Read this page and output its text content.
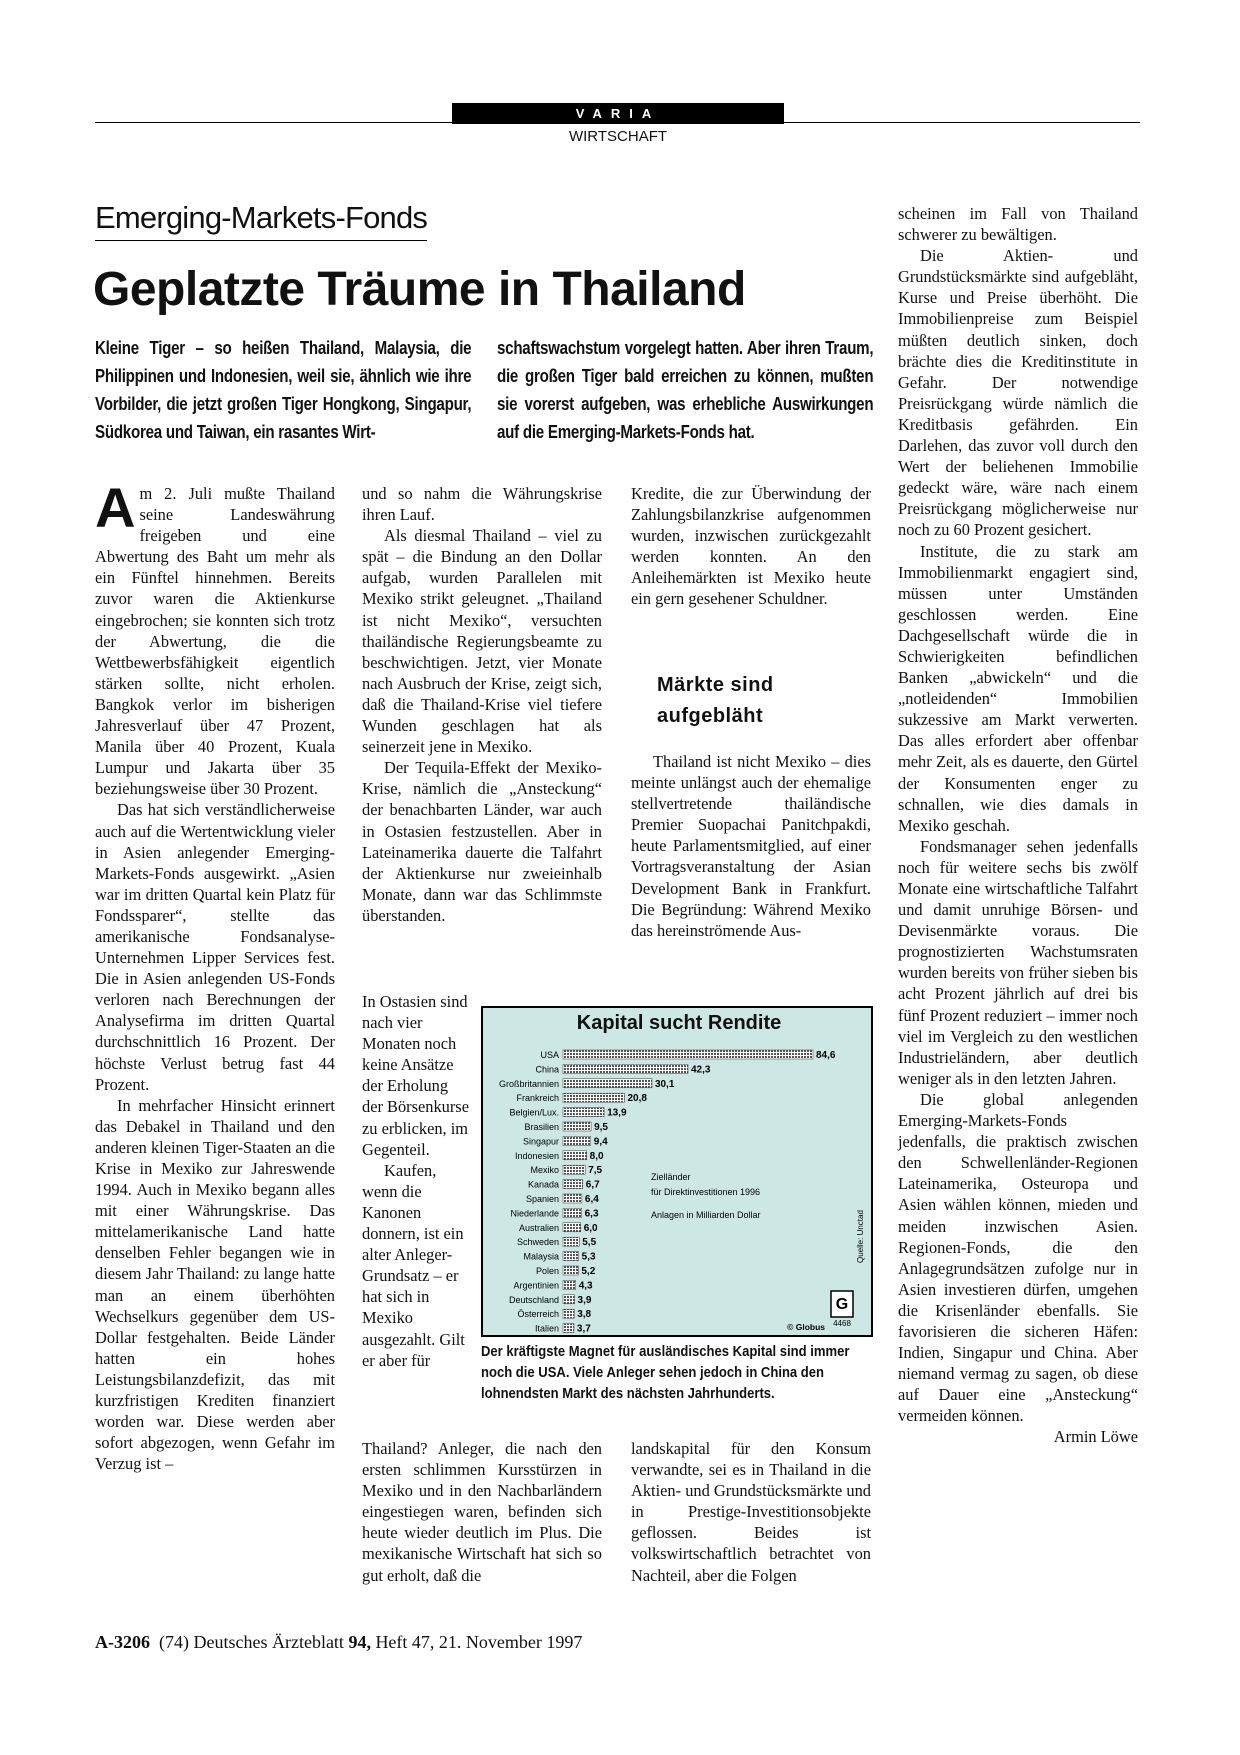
VARIA
WIRTSCHAFT
Emerging-Markets-Fonds
Geplatzte Träume in Thailand
Kleine Tiger – so heißen Thailand, Malaysia, die Philippinen und Indonesien, weil sie, ähnlich wie ihre Vorbilder, die jetzt großen Tiger Hongkong, Singapur, Südkorea und Taiwan, ein rasantes Wirt-
schaftswachstum vorgelegt hatten. Aber ihren Traum, die großen Tiger bald erreichen zu können, mußten sie vorerst aufgeben, was erhebliche Auswirkungen auf die Emerging-Markets-Fonds hat.

Am 2. Juli mußte Thailand seine Landeswährung freigeben und eine Abwertung des Baht um mehr als ein Fünftel hinnehmen. Bereits zuvor waren die Aktienkurse eingebrochen; sie konnten sich trotz der Abwertung, die die Wettbewerbsfähigkeit eigentlich stärken sollte, nicht erholen. Bangkok verlor im bisherigen Jahresverlauf über 47 Prozent, Manila über 40 Prozent, Kuala Lumpur und Jakarta über 35 beziehungsweise über 30 Prozent.

Das hat sich verständlicherweise auch auf die Wertentwicklung vieler in Asien anlegender Emerging-Markets-Fonds ausgewirkt. „Asien war im dritten Quartal kein Platz für Fondssparer“, stellte das amerikanische Fondsanalyse-Unternehmen Lipper Services fest. Die in Asien anlegenden US-Fonds verloren nach Berechnungen der Analysefirma im dritten Quartal durchschnittlich 16 Prozent. Der höchste Verlust betrug fast 44 Prozent.

In mehrfacher Hinsicht erinnert das Debakel in Thailand und den anderen kleinen Tiger-Staaten an die Krise in Mexiko zur Jahreswende 1994. Auch in Mexiko begann alles mit einer Währungskrise. Das mittelamerikanische Land hatte denselben Fehler begangen wie in diesem Jahr Thailand: zu lange hatte man an einem überhöhten Wechselkurs gegenüber dem US-Dollar festgehalten. Beide Länder hatten ein hohes Leistungsbilanzdefizit, das mit kurzfristigen Krediten finanziert worden war. Diese werden aber sofort abgezogen, wenn Gefahr im Verzug ist –

und so nahm die Währungskrise ihren Lauf.

Als diesmal Thailand – viel zu spät – die Bindung an den Dollar aufgab, wurden Parallelen mit Mexiko strikt geleugnet. „Thailand ist nicht Mexiko“, versuchten thailändische Regierungsbeamte zu beschwichtigen. Jetzt, vier Monate nach Ausbruch der Krise, zeigt sich, daß die Thailand-Krise viel tiefere Wunden geschlagen hat als seinerzeit jene in Mexiko.

Der Tequila-Effekt der Mexiko-Krise, nämlich die „Ansteckung“ der benachbarten Länder, war auch in Ostasien festzustellen. Aber in Lateinamerika dauerte die Talfahrt der Aktienkurse nur zweieinhalb Monate, dann war das Schlimmste überstanden.

In Ostasien sind nach vier Monaten noch keine Ansätze der Erholung der Börsenkurse zu erblicken, im Gegenteil.

Kaufen, wenn die Kanonen donnern, ist ein alter Anleger-Grundsatz – er hat sich in Mexiko ausgezahlt. Gilt er aber für

Thailand? Anleger, die nach den ersten schlimmen Kursstürzen in Mexiko und in den Nachbarländern eingestiegen waren, befinden sich heute wieder deutlich im Plus. Die mexikanische Wirtschaft hat sich so gut erholt, daß die

Kredite, die zur Überwindung der Zahlungsbilanzkrise aufgenommen wurden, inzwischen zurückgezahlt werden konnten. An den Anleihemärkten ist Mexiko heute ein gern gesehener Schuldner.

Märkte sind aufgebläht

Thailand ist nicht Mexiko – dies meinte unlängst auch der ehemalige stellvertretende thailändische Premier Suopachai Panitchpakdi, heute Parlamentsmitglied, auf einer Vortragsveranstaltung der Asian Development Bank in Frankfurt. Die Begründung: Während Mexiko das hereinströmende Aus-

landskapital für den Konsum verwandte, sei es in Thailand in die Aktien- und Grundstücksmärkte und in Prestige-Investitionsobjekte geflossen. Beides ist volkswirtschaftlich betrachtet von Nachteil, aber die Folgen

scheinen im Fall von Thailand schwerer zu bewältigen.

Die Aktien- und Grundstücksmärkte sind aufgebläht, Kurse und Preise überhöht. Die Immobilienpreise zum Beispiel müßten deutlich sinken, doch brächte dies die Kreditinstitute in Gefahr. Der notwendige Preisrückgang würde nämlich die Kreditbasis gefährden. Ein Darlehen, das zuvor voll durch den Wert der beliehenen Immobilie gedeckt wäre, wäre nach einem Preisrückgang möglicherweise nur noch zu 60 Prozent gesichert.

Institute, die zu stark am Immobilienmarkt engagiert sind, müssen unter Umständen geschlossen werden. Eine Dachgesellschaft würde die in Schwierigkeiten befindlichen Banken „abwickeln“ und die „notleidenden“ Immobilien sukzessive am Markt verwerten. Das alles erfordert aber offenbar mehr Zeit, als es dauerte, den Gürtel der Konsumenten enger zu schnallen, wie dies damals in Mexiko geschah.

Fondsmanager sehen jedenfalls noch für weitere sechs bis zwölf Monate eine wirtschaftliche Talfahrt und damit unruhige Börsen- und Devisenmärkte voraus. Die prognostizierten Wachstumsraten wurden bereits von früher sieben bis acht Prozent jährlich auf drei bis fünf Prozent reduziert – immer noch viel im Vergleich zu den westlichen Industrieländern, aber deutlich weniger als in den letzten Jahren.

Die global anlegenden Emerging-Markets-Fonds jedenfalls, die praktisch zwischen den Schwellenländer-Regionen Lateinamerika, Osteuropa und Asien wählen können, mieden und meiden inzwischen Asien. Regionen-Fonds, die den Anlagegrundsätzen zufolge nur in Asien investieren dürfen, umgehen die Krisenländer ebenfalls. Sie favorisieren die sicheren Häfen: Indien, Singapur und China. Aber niemand vermag zu sagen, ob diese auf Dauer eine „Ansteckung“ vermeiden können.

Armin Löwe
Kapital sucht Rendite
USA	84,6
China	42,3
Großbritannien	30,1
Frankreich	20,8
Belgien/Lux.	13,9
Brasilien	9,5
Singapur	9,4
Indonesien	8,0
Mexiko	7,5
Kanada	6,7
Spanien	6,4
Niederlande	6,3
Australien 6,0
Schweden 5,5
Malaysia 5,3
Polen 5,2
Argentinien 4,3
Deutschland 3,9
Österreich 3,8
Italien 3,7
Zielländer
für Direktinvestitionen 1996
Anlagen in Milliarden Dollar	Quelle: Unctad
G
4468
© Globus
Der kräftigste Magnet für ausländisches Kapital sind immer noch die USA. Viele Anleger sehen jedoch in China den lohnendsten Markt des nächsten Jahrhunderts.
A-3206 (74) Deutsches Ärzteblatt 94, Heft 47, 21. November 1997
